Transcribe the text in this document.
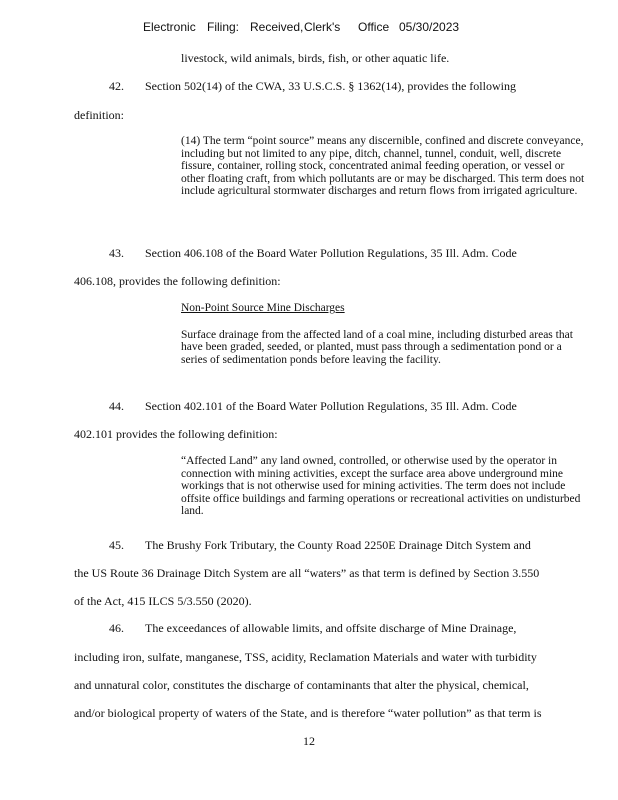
Electronic Filing: Received, Clerk's Office 05/30/2023
livestock, wild animals, birds, fish, or other aquatic life.
42. Section 502(14) of the CWA, 33 U.S.C.S. § 1362(14), provides the following
definition:

(14) The term “point source” means any discernible, confined and discrete conveyance, including but not limited to any pipe, ditch, channel, tunnel, conduit, well, discrete fissure, container, rolling stock, concentrated animal feeding operation, or vessel or other floating craft, from which pollutants are or may be discharged. This term does not include agricultural stormwater discharges and return flows from irrigated agriculture.

43. Section 406.108 of the Board Water Pollution Regulations, 35 Ill. Adm. Code
406.108, provides the following definition:

Non-Point Source Mine Discharges

Surface drainage from the affected land of a coal mine, including disturbed areas that have been graded, seeded, or planted, must pass through a sedimentation pond or a series of sedimentation ponds before leaving the facility.

44. Section 402.101 of the Board Water Pollution Regulations, 35 Ill. Adm. Code
402.101 provides the following definition:

“Affected Land” any land owned, controlled, or otherwise used by the operator in connection with mining activities, except the surface area above underground mine workings that is not otherwise used for mining activities. The term does not include offsite office buildings and farming operations or recreational activities on undisturbed land.

45. The Brushy Fork Tributary, the County Road 2250E Drainage Ditch System and
the US Route 36 Drainage Ditch System are all “waters” as that term is defined by Section 3.550
of the Act, 415 ILCS 5/3.550 (2020).
46. The exceedances of allowable limits, and offsite discharge of Mine Drainage,
including iron, sulfate, manganese, TSS, acidity, Reclamation Materials and water with turbidity
and unnatural color, constitutes the discharge of contaminants that alter the physical, chemical,
and/or biological property of waters of the State, and is therefore “water pollution” as that term is
12
